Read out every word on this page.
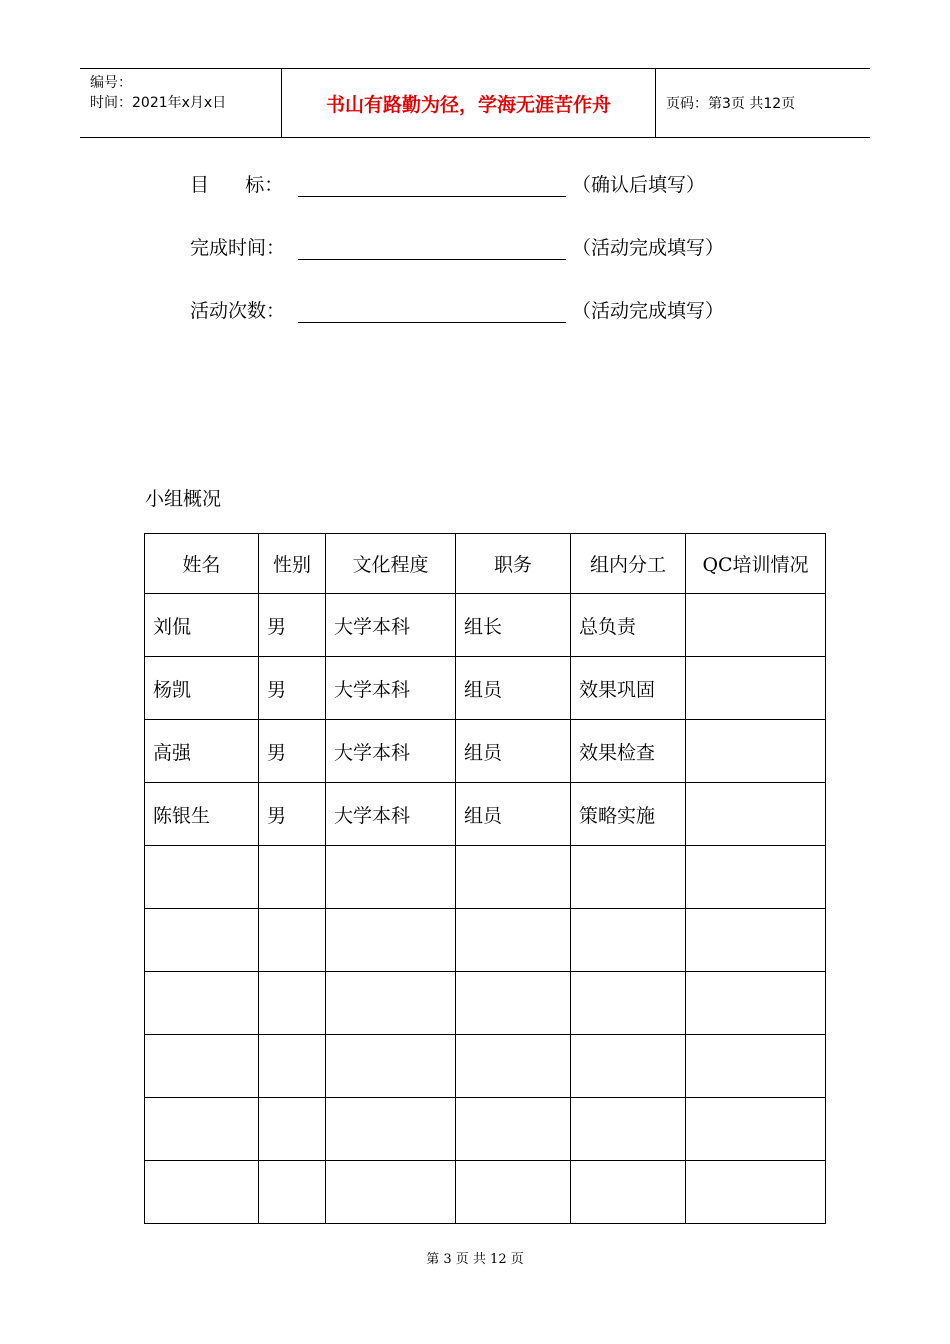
编号：
时间：2021年x月x日	书山有路勤为径，学海无涯苦作舟	页码：第3页 共12页
目      标：	（确认后填写）
完成时间：	（活动完成填写）
活动次数：	（活动完成填写）
小组概况
姓名	性别	文化程度	职务	组内分工	QC培训情况
刘侃	男	大学本科	组长	总负责	
杨凯	男	大学本科	组员	效果巩固	
高强	男	大学本科	组员	效果检查	
陈银生	男	大学本科	组员	策略实施	

第 3 页 共 12 页
